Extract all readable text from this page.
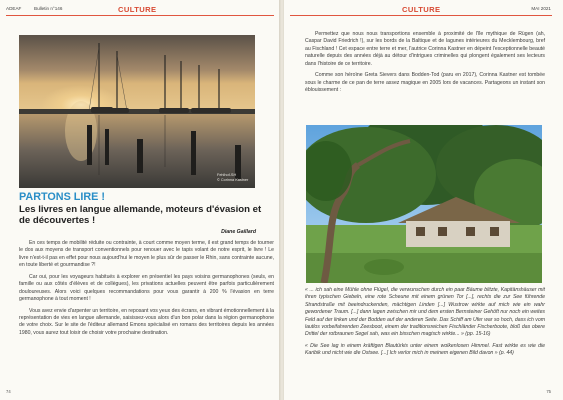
ADEAF	Bulletin n°146	CULTURE
Fehlhof-SH
© Corinna Kastner
PARTONS LIRE !
Les livres en langue allemande, moteurs d'évasion et de découvertes !
Diane Gaillard

En ces temps de mobilité réduite ou contrainte, à court comme moyen terme, il est grand temps de tourner le dos aux moyens de transport conventionnels pour renouer avec le tapis volant de notre esprit, le livre ! Le livre n'est-t-il pas en effet pour nous aujourd'hui le moyen le plus sûr de passer le Rhin, sans contrainte aucune, en toute liberté et gourmandise ?!

Car oui, pour les voyageurs habitués à explorer en présentiel les pays voisins germanophones (seuls, en famille ou aux côtés d'élèves et de collègues), les privations actuelles peuvent être parfois particulièrement douloureuses. Alors voici quelques recommandations pour vous garantir à 200 % l'évasion en terre germanophone à tout moment !

Vous avez envie d'arpenter un territoire, en reposant vos yeux des écrans, en vibrant émotionnellement à la représentation de vies en langue allemande, saisissez-vous alors d'un bon polar dans la région germanophone de votre choix. Sur le site de l'éditeur allemand Emons spécialisé en romans des territoires depuis les années 1980, vous aurez tout loisir de choisir votre prochaine destination.

74
CULTURE	MAI 2021

Permettez que nous nous transportions ensemble à proximité de l'île mythique de Rügen (ah, Caspar David Friedrich !), sur les bords de la Baltique et de lagunes intérieures du Mecklembourg, bref au Fischland ! Cet espace entre terre et mer, l'autrice Corinna Kastner en dépeint l'exceptionnelle beauté naturelle depuis des années déjà au détour d'intrigues criminelles qui plongent également ses lecteurs dans l'histoire de ce territoire.

Comme son héroïne Greta Sievers dans Bodden-Tod (paru en 2017), Corinna Kastner est tombée sous le charme de ce pan de terre assez magique en 2005 lors de vacances. Partageons un instant son éblouissement :

« ... ich sah eine Mühle ohne Flügel, die verwunschen durch ein paar Bäume blitzte, Kapitänshäuser mit ihren typischen Giebeln, eine rote Scheune mit einem grünen Tor [...], rechts die zur See führende Strandstraße mit beeindruckenden, mächtigen Linden [...] Wustrow wirkte auf mich wie ein wahr gewordener Traum. [...] dann lagen zwischen mir und dem ersten Bernsteiner Gehöft nur noch ein weites Feld auf der linken und der Bodden auf der anderen Seite. Das Schiff am Ufer war so hoch, dass ich vom lautlos vorbeifahrenden Zeesboot, einem der traditionsreichen Fischländer Fischerboote, bloß das obere Drittel der rotbraunen Segel sah, was ein bisschen magisch wirkte... » (pp. 15-16)

« Die See lag in einem kräftigen Blautürkis unter einem wolkenlosen Himmel. Fast wirkte es wie die Karibik und nicht wie die Ostsee. [...] Ich verlor mich in meinem eigenen Bild davon » (p. 44)

75
